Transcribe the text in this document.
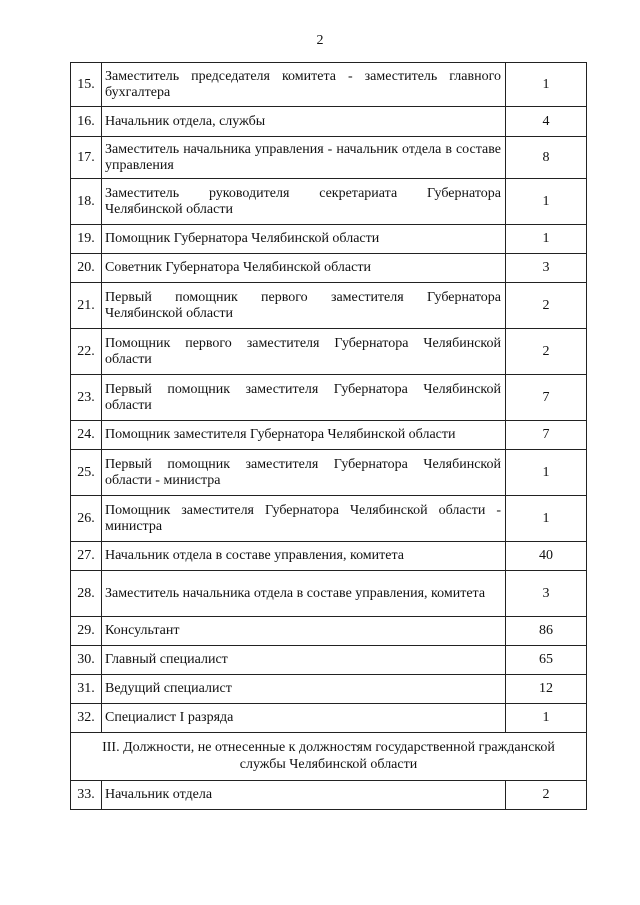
2
15.	Заместитель председателя комитета - заместитель главного бухгалтера	1
16.	Начальник отдела, службы	4
17.	Заместитель начальника управления - начальник отдела в составе управления	8
18.	Заместитель руководителя секретариата Губернатора Челябинской области	1
19.	Помощник Губернатора Челябинской области	1
20.	Советник Губернатора Челябинской области	3
21.	Первый помощник первого заместителя Губернатора Челябинской области	2
22.	Помощник первого заместителя Губернатора Челябинской области	2
23.	Первый помощник заместителя Губернатора Челябинской области	7
24.	Помощник заместителя Губернатора Челябинской области	7
25.	Первый помощник заместителя Губернатора Челябинской области - министра	1
26.	Помощник заместителя Губернатора Челябинской области - министра	1
27.	Начальник отдела в составе управления, комитета	40
28.	Заместитель начальника отдела в составе управления, комитета	3
29.	Консультант	86
30.	Главный специалист	65
31.	Ведущий специалист	12
32.	Специалист I разряда	1
III. Должности, не отнесенные к должностям государственной гражданской службы Челябинской области		
33.	Начальник отдела	2
